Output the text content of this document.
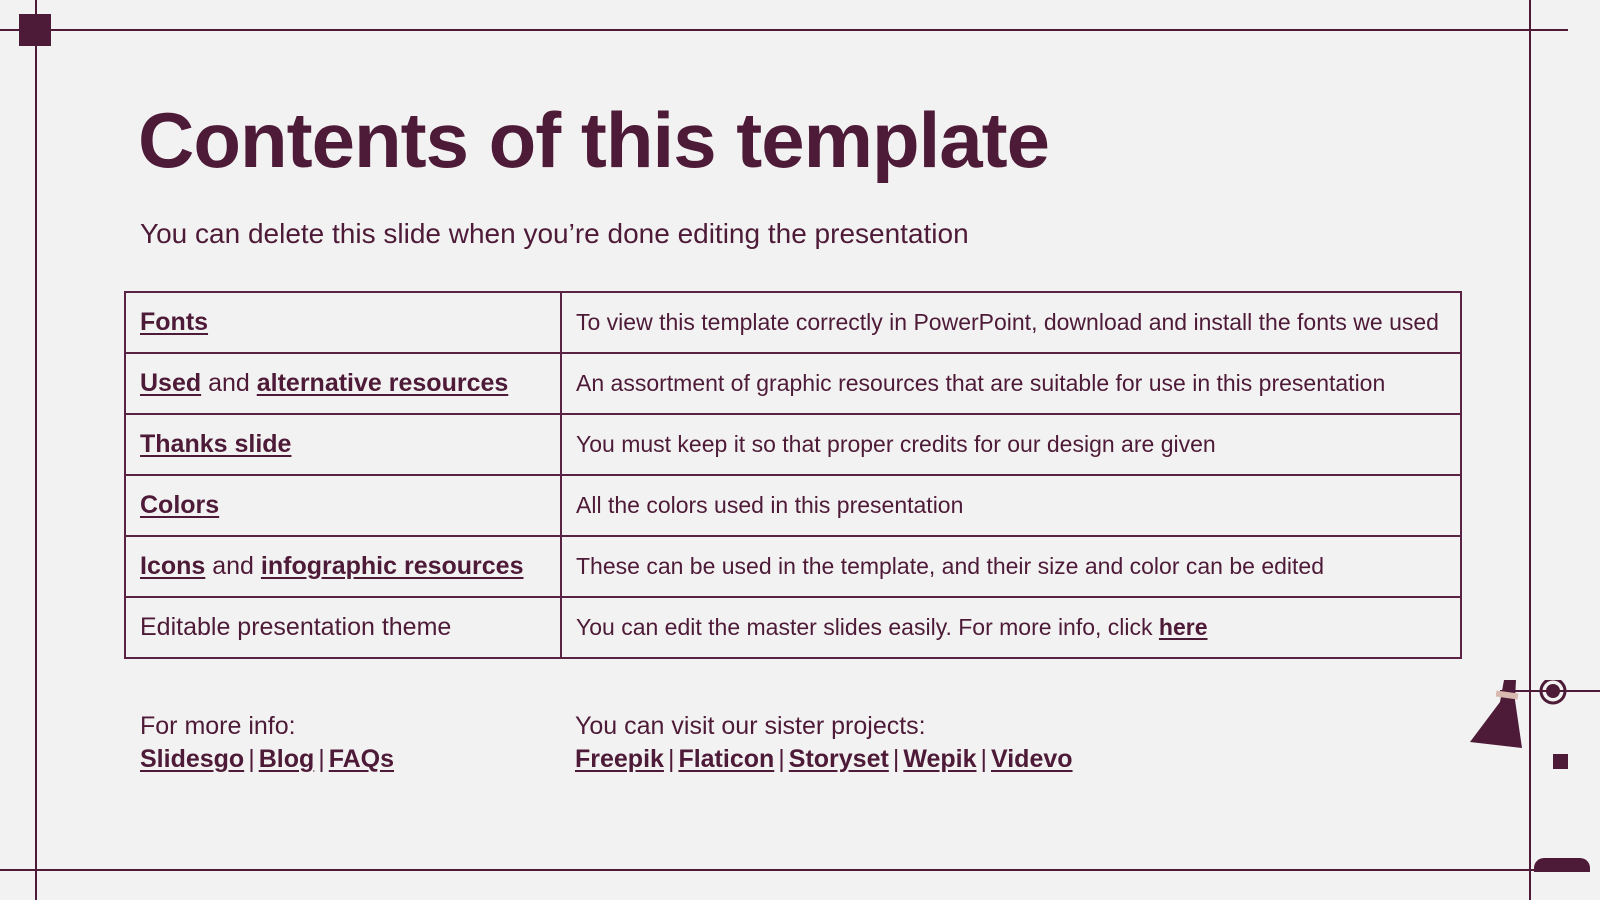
Contents of this template

You can delete this slide when you’re done editing the presentation

Fonts	To view this template correctly in PowerPoint, download and install the fonts we used
Used and alternative resources	An assortment of graphic resources that are suitable for use in this presentation
Thanks slide	You must keep it so that proper credits for our design are given
Colors	All the colors used in this presentation
Icons and infographic resources	These can be used in the template, and their size and color can be edited
Editable presentation theme	You can edit the master slides easily. For more info, click here
For more info:
Slidesgo | Blog | FAQs
You can visit our sister projects:
Freepik | Flaticon | Storyset | Wepik | Videvo
